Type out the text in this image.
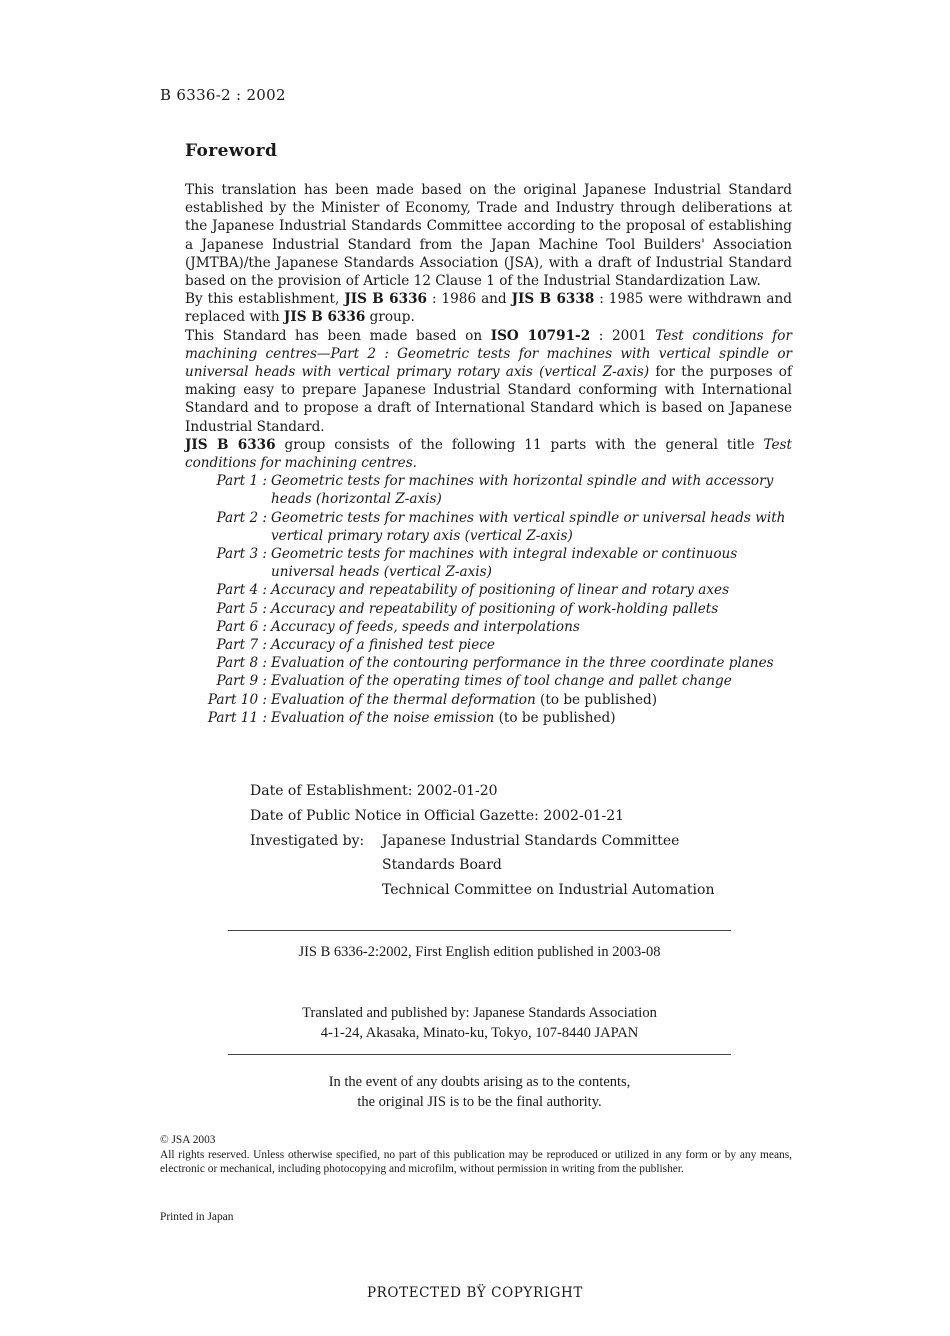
B 6336-2 : 2002
Foreword

This translation has been made based on the original Japanese Industrial Standard established by the Minister of Economy, Trade and Industry through deliberations at the Japanese Industrial Standards Committee according to the proposal of establishing a Japanese Industrial Standard from the Japan Machine Tool Builders' Association (JMTBA)/the Japanese Standards Association (JSA), with a draft of Industrial Standard based on the provision of Article 12 Clause 1 of the Industrial Standardization Law.

By this establishment, JIS B 6336 : 1986 and JIS B 6338 : 1985 were withdrawn and replaced with JIS B 6336 group.

This Standard has been made based on ISO 10791-2 : 2001 Test conditions for machining centres—Part 2 : Geometric tests for machines with vertical spindle or universal heads with vertical primary rotary axis (vertical Z-axis) for the purposes of making easy to prepare Japanese Industrial Standard conforming with International Standard and to propose a draft of International Standard which is based on Japanese Industrial Standard.

JIS B 6336 group consists of the following 11 parts with the general title Test conditions for machining centres.

Part 1 : Geometric tests for machines with horizontal spindle and with accessory heads (horizontal Z-axis)
Part 2 : Geometric tests for machines with vertical spindle or universal heads with vertical primary rotary axis (vertical Z-axis)
Part 3 : Geometric tests for machines with integral indexable or continuous universal heads (vertical Z-axis)
Part 4 : Accuracy and repeatability of positioning of linear and rotary axes
Part 5 : Accuracy and repeatability of positioning of work-holding pallets
Part 6 : Accuracy of feeds, speeds and interpolations
Part 7 : Accuracy of a finished test piece
Part 8 : Evaluation of the contouring performance in the three coordinate planes
Part 9 : Evaluation of the operating times of tool change and pallet change
Part 10 : Evaluation of the thermal deformation (to be published)
Part 11 : Evaluation of the noise emission (to be published)
Date of Establishment: 2002-01-20
Date of Public Notice in Official Gazette: 2002-01-21
Investigated by:	Japanese Industrial Standards Committee
Standards Board
Technical Committee on Industrial Automation
JIS B 6336-2:2002, First English edition published in 2003-08
Translated and published by: Japanese Standards Association
4-1-24, Akasaka, Minato-ku, Tokyo, 107-8440 JAPAN
In the event of any doubts arising as to the contents,
the original JIS is to be the final authority.
© JSA 2003
All rights reserved. Unless otherwise specified, no part of this publication may be reproduced or utilized in any form or by any means, electronic or mechanical, including photocopying and microfilm, without permission in writing from the publisher.
Printed in Japan
PROTECTED BŸ COPYRIGHT
